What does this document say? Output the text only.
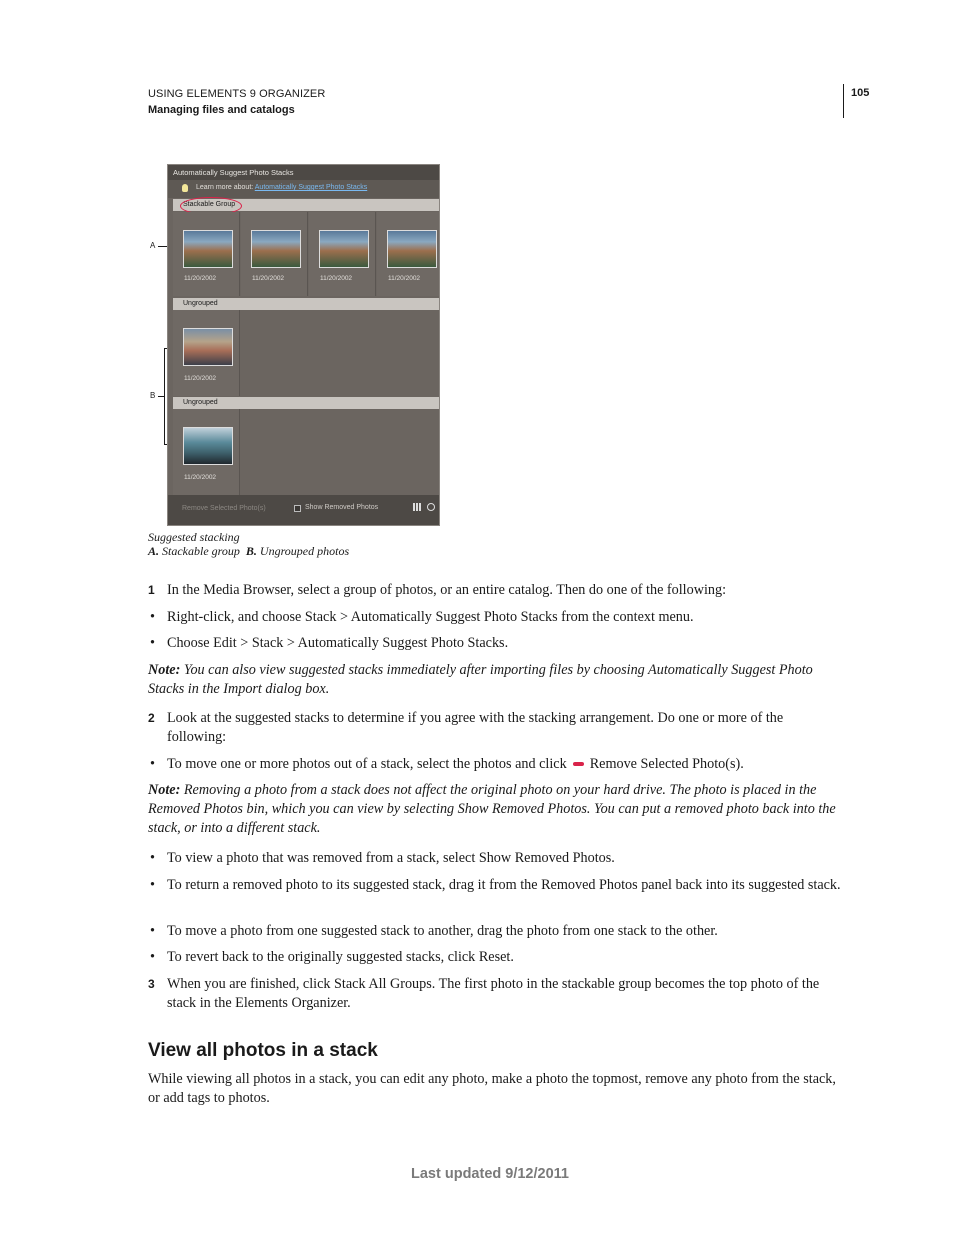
USING ELEMENTS 9 ORGANIZER
Managing files and catalogs
105
Automatically Suggest Photo Stacks
Learn more about: Automatically Suggest Photo Stacks
Stackable Group
11/20/2002	11/20/2002	11/20/2002	11/20/2002
Ungrouped
11/20/2002
Ungrouped
11/20/2002
Remove Selected Photo(s)	Show Removed Photos
A
B
Suggested stacking
A. Stackable group B. Ungrouped photos
1 In the Media Browser, select a group of photos, or an entire catalog. Then do one of the following:
• Right-click, and choose Stack > Automatically Suggest Photo Stacks from the context menu.
• Choose Edit > Stack > Automatically Suggest Photo Stacks.
Note: You can also view suggested stacks immediately after importing files by choosing Automatically Suggest Photo Stacks in the Import dialog box.
2 Look at the suggested stacks to determine if you agree with the stacking arrangement. Do one or more of the following:
• To move one or more photos out of a stack, select the photos and click Remove Selected Photo(s).
Note: Removing a photo from a stack does not affect the original photo on your hard drive. The photo is placed in the Removed Photos bin, which you can view by selecting Show Removed Photos. You can put a removed photo back into the stack, or into a different stack.
• To view a photo that was removed from a stack, select Show Removed Photos.
• To return a removed photo to its suggested stack, drag it from the Removed Photos panel back into its suggested stack.
• To move a photo from one suggested stack to another, drag the photo from one stack to the other.
• To revert back to the originally suggested stacks, click Reset.
3 When you are finished, click Stack All Groups. The first photo in the stackable group becomes the top photo of the stack in the Elements Organizer.
View all photos in a stack
While viewing all photos in a stack, you can edit any photo, make a photo the topmost, remove any photo from the stack, or add tags to photos.
Last updated 9/12/2011
